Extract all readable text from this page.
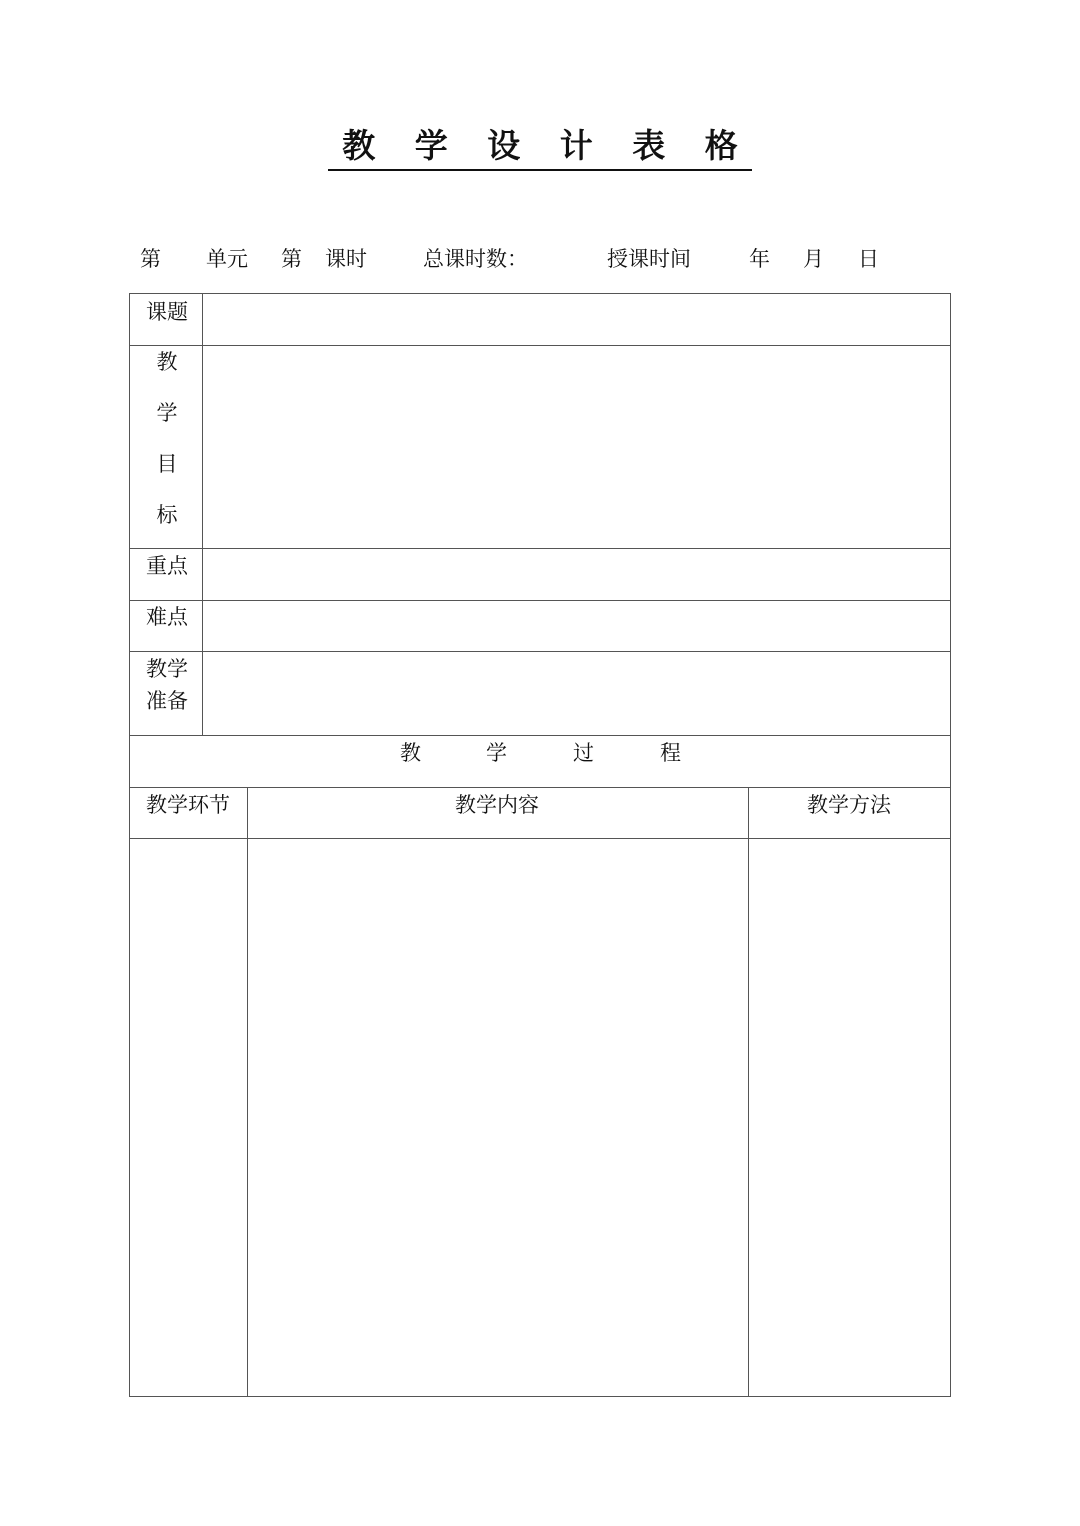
教 学 设 计 表 格
第 单元 第 课时	总课时数：	授课时间	年 月 日
课题
教
学
目
标
重点
难点
教学
准备
教	学	过	程
教学环节	教学内容	教学方法
